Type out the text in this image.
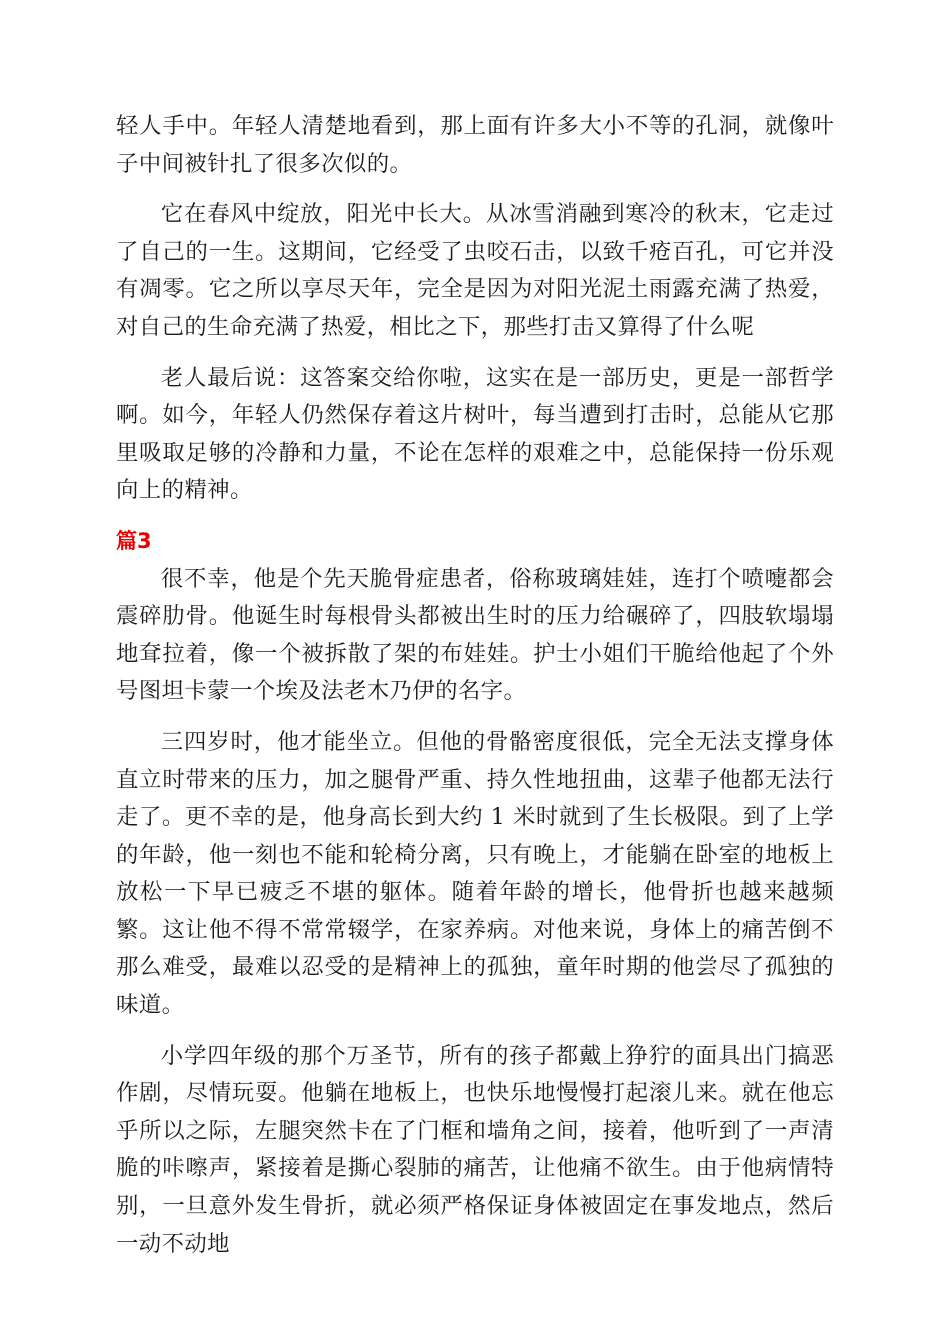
轻人手中。年轻人清楚地看到，那上面有许多大小不等的孔洞，就像叶子中间被针扎了很多次似的。

它在春风中绽放，阳光中长大。从冰雪消融到寒冷的秋末，它走过了自己的一生。这期间，它经受了虫咬石击，以致千疮百孔，可它并没有凋零。它之所以享尽天年，完全是因为对阳光泥土雨露充满了热爱，对自己的生命充满了热爱，相比之下，那些打击又算得了什么呢

老人最后说：这答案交给你啦，这实在是一部历史，更是一部哲学啊。如今，年轻人仍然保存着这片树叶，每当遭到打击时，总能从它那里吸取足够的冷静和力量，不论在怎样的艰难之中，总能保持一份乐观向上的精神。

篇3

很不幸，他是个先天脆骨症患者，俗称玻璃娃娃，连打个喷嚏都会震碎肋骨。他诞生时每根骨头都被出生时的压力给碾碎了，四肢软塌塌地耷拉着，像一个被拆散了架的布娃娃。护士小姐们干脆给他起了个外号图坦卡蒙一个埃及法老木乃伊的名字。

三四岁时，他才能坐立。但他的骨骼密度很低，完全无法支撑身体直立时带来的压力，加之腿骨严重、持久性地扭曲，这辈子他都无法行走了。更不幸的是，他身高长到大约 1 米时就到了生长极限。到了上学的年龄，他一刻也不能和轮椅分离，只有晚上，才能躺在卧室的地板上放松一下早已疲乏不堪的躯体。随着年龄的增长，他骨折也越来越频繁。这让他不得不常常辍学，在家养病。对他来说，身体上的痛苦倒不那么难受，最难以忍受的是精神上的孤独，童年时期的他尝尽了孤独的味道。

小学四年级的那个万圣节，所有的孩子都戴上狰狞的面具出门搞恶作剧，尽情玩耍。他躺在地板上，也快乐地慢慢打起滚儿来。就在他忘乎所以之际，左腿突然卡在了门框和墙角之间，接着，他听到了一声清脆的咔嚓声，紧接着是撕心裂肺的痛苦，让他痛不欲生。由于他病情特别，一旦意外发生骨折，就必须严格保证身体被固定在事发地点，然后一动不动地
